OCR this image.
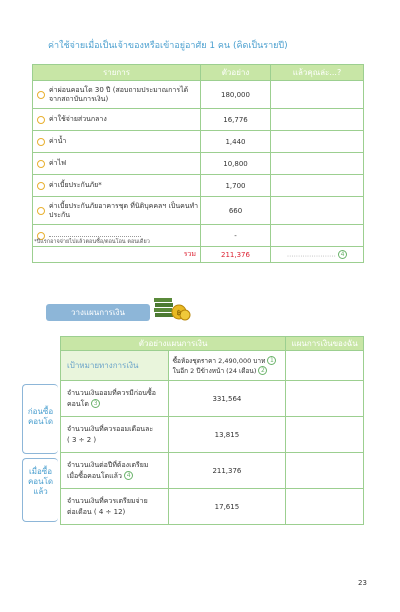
ค่าใช้จ่ายเมื่อเป็นเจ้าของหรือเข้าอยู่อาศัย 1 คน (คิดเป็นรายปี)
รายการ	ตัวอย่าง	แล้วคุณล่ะ...?

ค่าผ่อนคอนโด 30 ปี (สอบถามประมาณการได้จากสถาบันการเงิน)	180,000	

ค่าใช้จ่ายส่วนกลาง	16,776	

ค่าน้ำ	1,440	

ค่าไฟ	10,800	

ค่าเบี้ยประกันภัย*	1,700	

ค่าเบี้ยประกันภัยอาคารชุด ที่นิติบุคคลฯ เป็นคนทำประกัน	660	

	-	
รวม	211,376	...................... 4
*ปีแรกอาจจ่ายไปแล้วตอนซื้อ/ตอนโอน ตอนเดียว
วางแผนการเงิน	฿
ก่อนซื้อ คอนโด
เมื่อซื้อ คอนโด แล้ว
ตัวอย่างแผนการเงิน		แผนการเงินของฉัน
เป้าหมายทางการเงิน	ซื้อห้องชุดราคา 2,490,000 บาท 1
ในอีก 2 ปีข้างหน้า (24 เดือน) 2	
จำนวนเงินออมที่ควรมีก่อนซื้อ
คอนโด 3	331,564	
จำนวนเงินที่ควรออมเดือนละ
( 3 ÷ 2 )	13,815	
จำนวนเงินต่อปีที่ต้องเตรียม
เมื่อซื้อคอนโดแล้ว 4	211,376	
จำนวนเงินที่ควรเตรียมจ่าย
ต่อเดือน ( 4 ÷ 12)	17,615	
23
